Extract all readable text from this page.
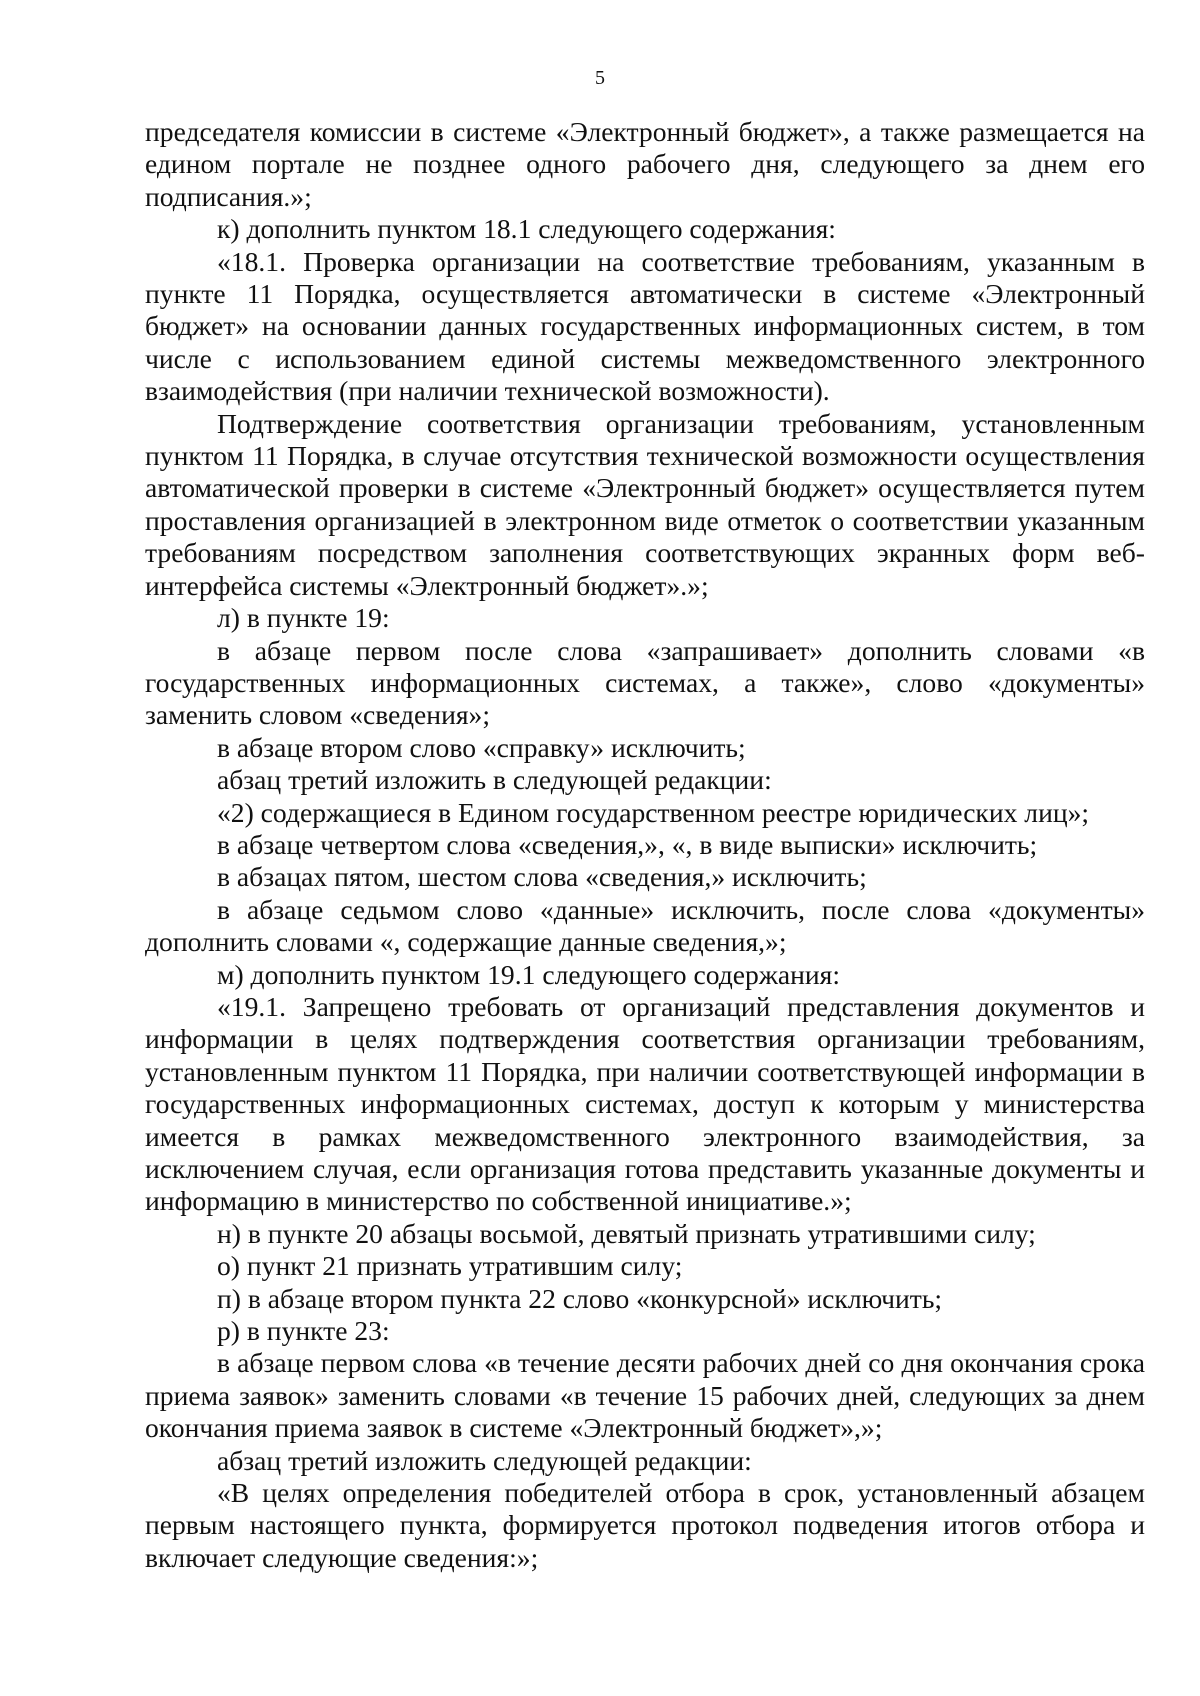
5

председателя комиссии в системе «Электронный бюджет», а также размещается на едином портале не позднее одного рабочего дня, следующего за днем его подписания.»;

к) дополнить пунктом 18.1 следующего содержания:

«18.1. Проверка организации на соответствие требованиям, указанным в пункте 11 Порядка, осуществляется автоматически в системе «Электронный бюджет» на основании данных государственных информационных систем, в том числе с использованием единой системы межведомственного электронного взаимодействия (при наличии технической возможности).

Подтверждение соответствия организации требованиям, установленным пунктом 11 Порядка, в случае отсутствия технической возможности осуществления автоматической проверки в системе «Электронный бюджет» осуществляется путем проставления организацией в электронном виде отметок о соответствии указанным требованиям посредством заполнения соответствующих экранных форм веб-интерфейса системы «Электронный бюджет».»;

л) в пункте 19:

в абзаце первом после слова «запрашивает» дополнить словами «в государственных информационных системах, а также», слово «документы» заменить словом «сведения»;

в абзаце втором слово «справку» исключить;

абзац третий изложить в следующей редакции:

«2) содержащиеся в Едином государственном реестре юридических лиц»;

в абзаце четвертом слова «сведения,», «, в виде выписки» исключить;

в абзацах пятом, шестом слова «сведения,» исключить;

в абзаце седьмом слово «данные» исключить, после слова «документы» дополнить словами «, содержащие данные сведения,»;

м) дополнить пунктом 19.1 следующего содержания:

«19.1. Запрещено требовать от организаций представления документов и информации в целях подтверждения соответствия организации требованиям, установленным пунктом 11 Порядка, при наличии соответствующей информации в государственных информационных системах, доступ к которым у министерства имеется в рамках межведомственного электронного взаимодействия, за исключением случая, если организация готова представить указанные документы и информацию в министерство по собственной инициативе.»;

н) в пункте 20 абзацы восьмой, девятый признать утратившими силу;

о) пункт 21 признать утратившим силу;

п) в абзаце втором пункта 22 слово «конкурсной» исключить;

р) в пункте 23:

в абзаце первом слова «в течение десяти рабочих дней со дня окончания срока приема заявок» заменить словами «в течение 15 рабочих дней, следующих за днем окончания приема заявок в системе «Электронный бюджет»,»;

абзац третий изложить следующей редакции:

«В целях определения победителей отбора в срок, установленный абзацем первым настоящего пункта, формируется протокол подведения итогов отбора и включает следующие сведения:»;
